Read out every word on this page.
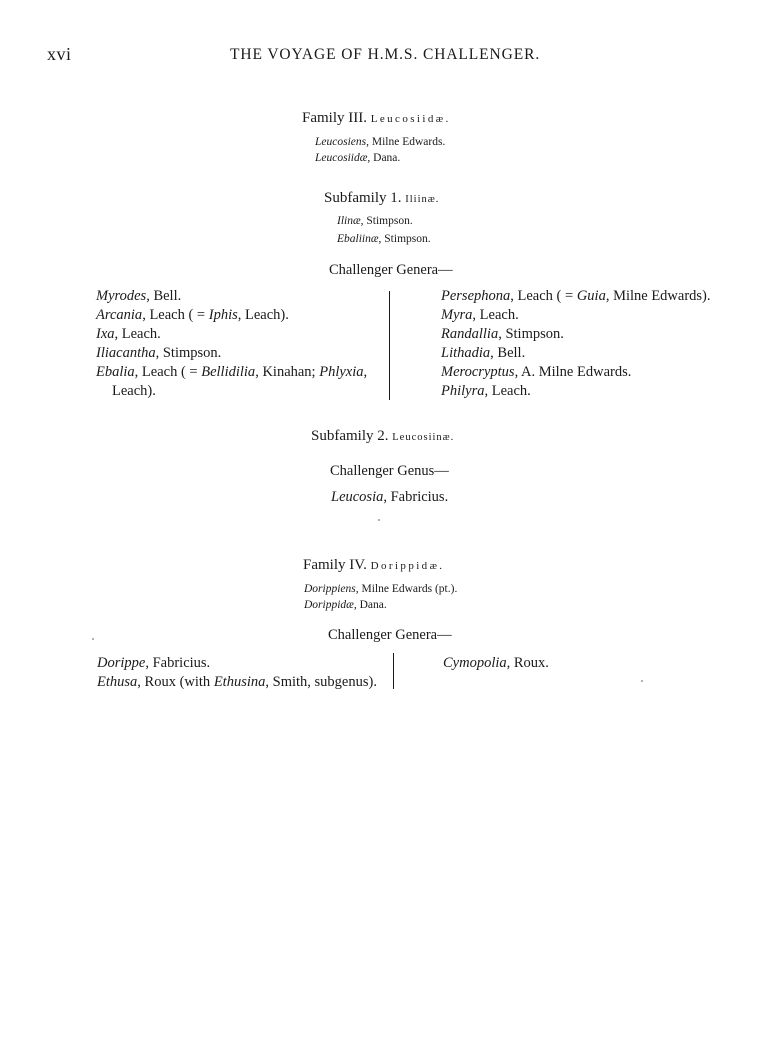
xvi	THE VOYAGE OF H.M.S. CHALLENGER.
Family III. Leucosiidæ.
Leucosiens, Milne Edwards.
Leucosiidæ, Dana.
Subfamily 1. Iliinæ.
Ilinæ, Stimpson.
Ebaliinæ, Stimpson.
Challenger Genera—
Myrodes, Bell.
Arcania, Leach ( = Iphis, Leach).
Ixa, Leach.
Iliacantha, Stimpson.
Ebalia, Leach ( = Bellidilia, Kinahan; Phlyxia,
Leach).
Persephona, Leach ( = Guia, Milne Edwards).
Myra, Leach.
Randallia, Stimpson.
Lithadia, Bell.
Merocryptus, A. Milne Edwards.
Philyra, Leach.
Subfamily 2. Leucosiinæ.
Challenger Genus—
Leucosia, Fabricius.
Family IV. Dorippidæ.
Dorippiens, Milne Edwards (pt.).
Dorippidæ, Dana.
Challenger Genera—
Dorippe, Fabricius.
Ethusa, Roux (with Ethusina, Smith, subgenus).
Cymopolia, Roux.
